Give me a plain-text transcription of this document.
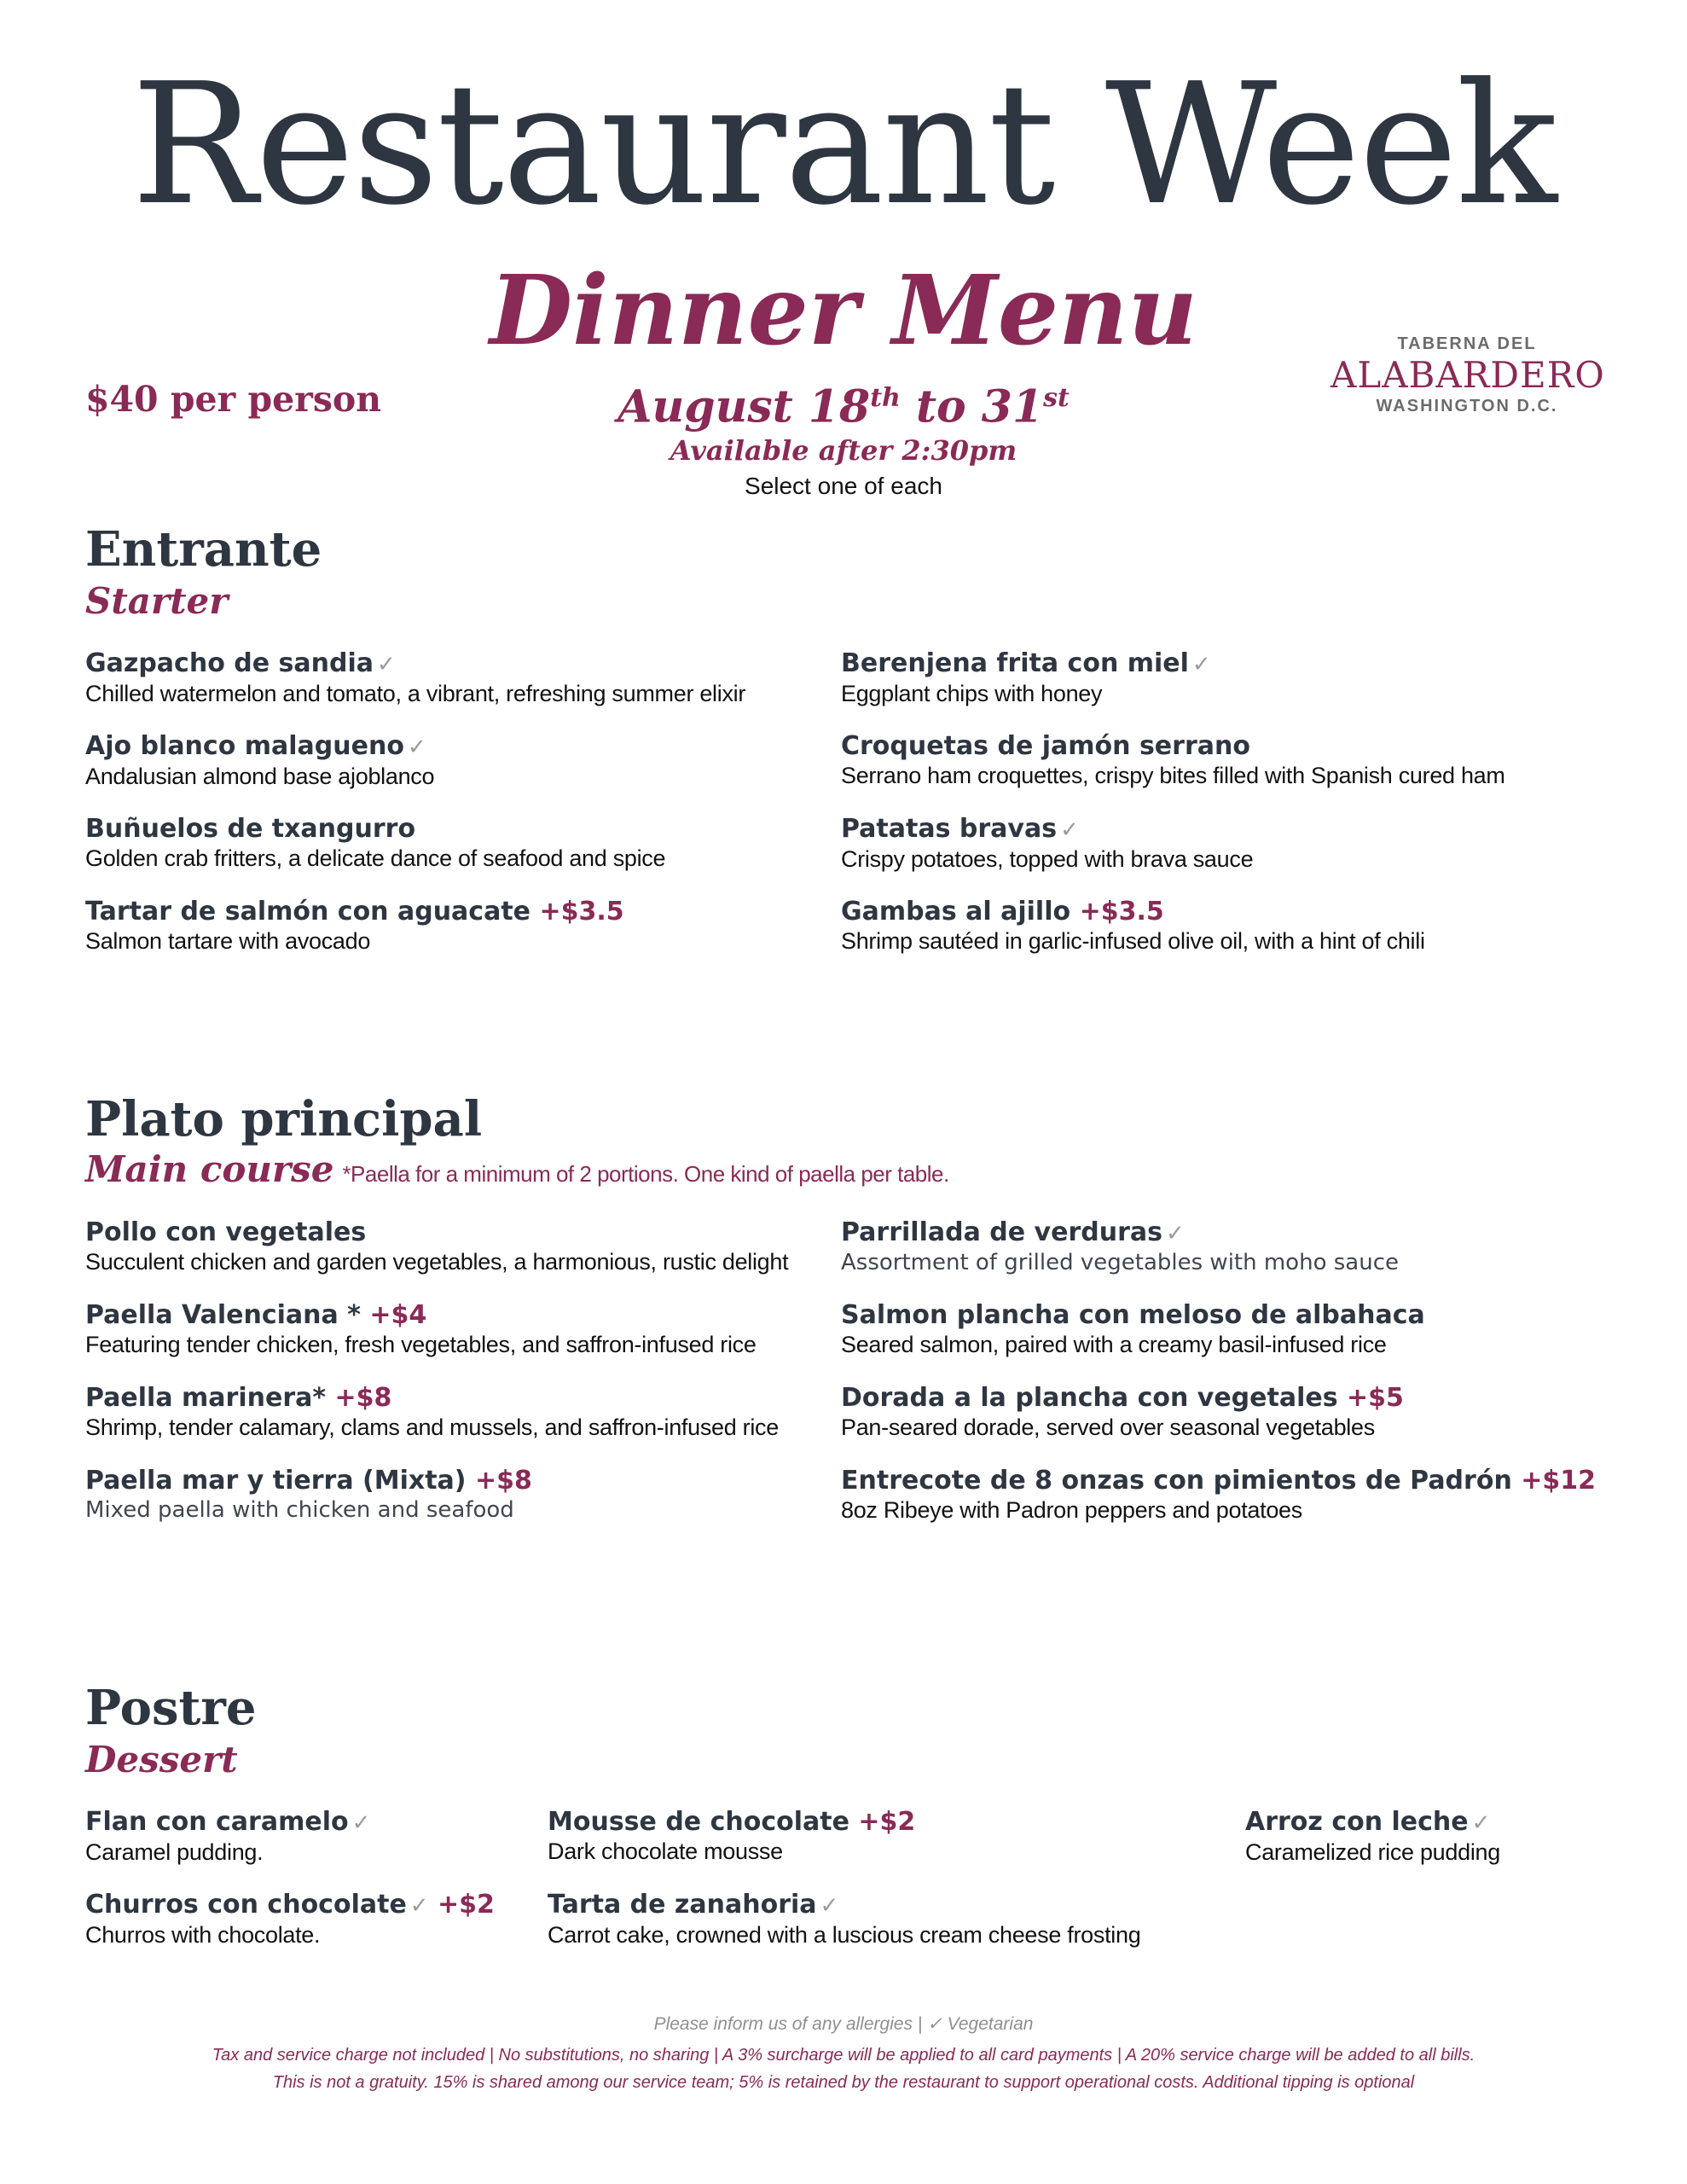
Restaurant Week
Dinner Menu
$40 per person	August 18th to 31st
Available after 2:30pm
Select one of each
TABERNA DEL
ALABARDERO
WASHINGTON D.C.
Entrante
Starter
Gazpacho de sandia ✓
Chilled watermelon and tomato, a vibrant, refreshing summer elixir
Ajo blanco malagueno ✓
Andalusian almond base ajoblanco
Buñuelos de txangurro
Golden crab fritters, a delicate dance of seafood and spice
Tartar de salmón con aguacate +$3.5
Salmon tartare with avocado
Berenjena frita con miel ✓
Eggplant chips with honey
Croquetas de jamón serrano
Serrano ham croquettes, crispy bites filled with Spanish cured ham
Patatas bravas ✓
Crispy potatoes, topped with brava sauce
Gambas al ajillo +$3.5
Shrimp sautéed in garlic-infused olive oil, with a hint of chili
Plato principal
Main course *Paella for a minimum of 2 portions. One kind of paella per table.
Pollo con vegetales
Succulent chicken and garden vegetables, a harmonious, rustic delight
Paella Valenciana * +$4
Featuring tender chicken, fresh vegetables, and saffron-infused rice
Paella marinera* +$8
Shrimp, tender calamary, clams and mussels, and saffron-infused rice
Paella mar y tierra (Mixta) +$8
Mixed paella with chicken and seafood
Parrillada de verduras ✓
Assortment of grilled vegetables with moho sauce
Salmon plancha con meloso de albahaca
Seared salmon, paired with a creamy basil-infused rice
Dorada a la plancha con vegetales +$5
Pan-seared dorade, served over seasonal vegetables
Entrecote de 8 onzas con pimientos de Padrón +$12
8oz Ribeye with Padron peppers and potatoes
Postre
Dessert
Flan con caramelo ✓
Caramel pudding.
Churros con chocolate ✓ +$2
Churros with chocolate.
Mousse de chocolate +$2
Dark chocolate mousse
Tarta de zanahoria ✓
Carrot cake, crowned with a luscious cream cheese frosting
Arroz con leche ✓
Caramelized rice pudding
Please inform us of any allergies | ✓ Vegetarian
Tax and service charge not included | No substitutions, no sharing | A 3% surcharge will be applied to all card payments | A 20% service charge will be added to all bills.
This is not a gratuity. 15% is shared among our service team; 5% is retained by the restaurant to support operational costs. Additional tipping is optional
